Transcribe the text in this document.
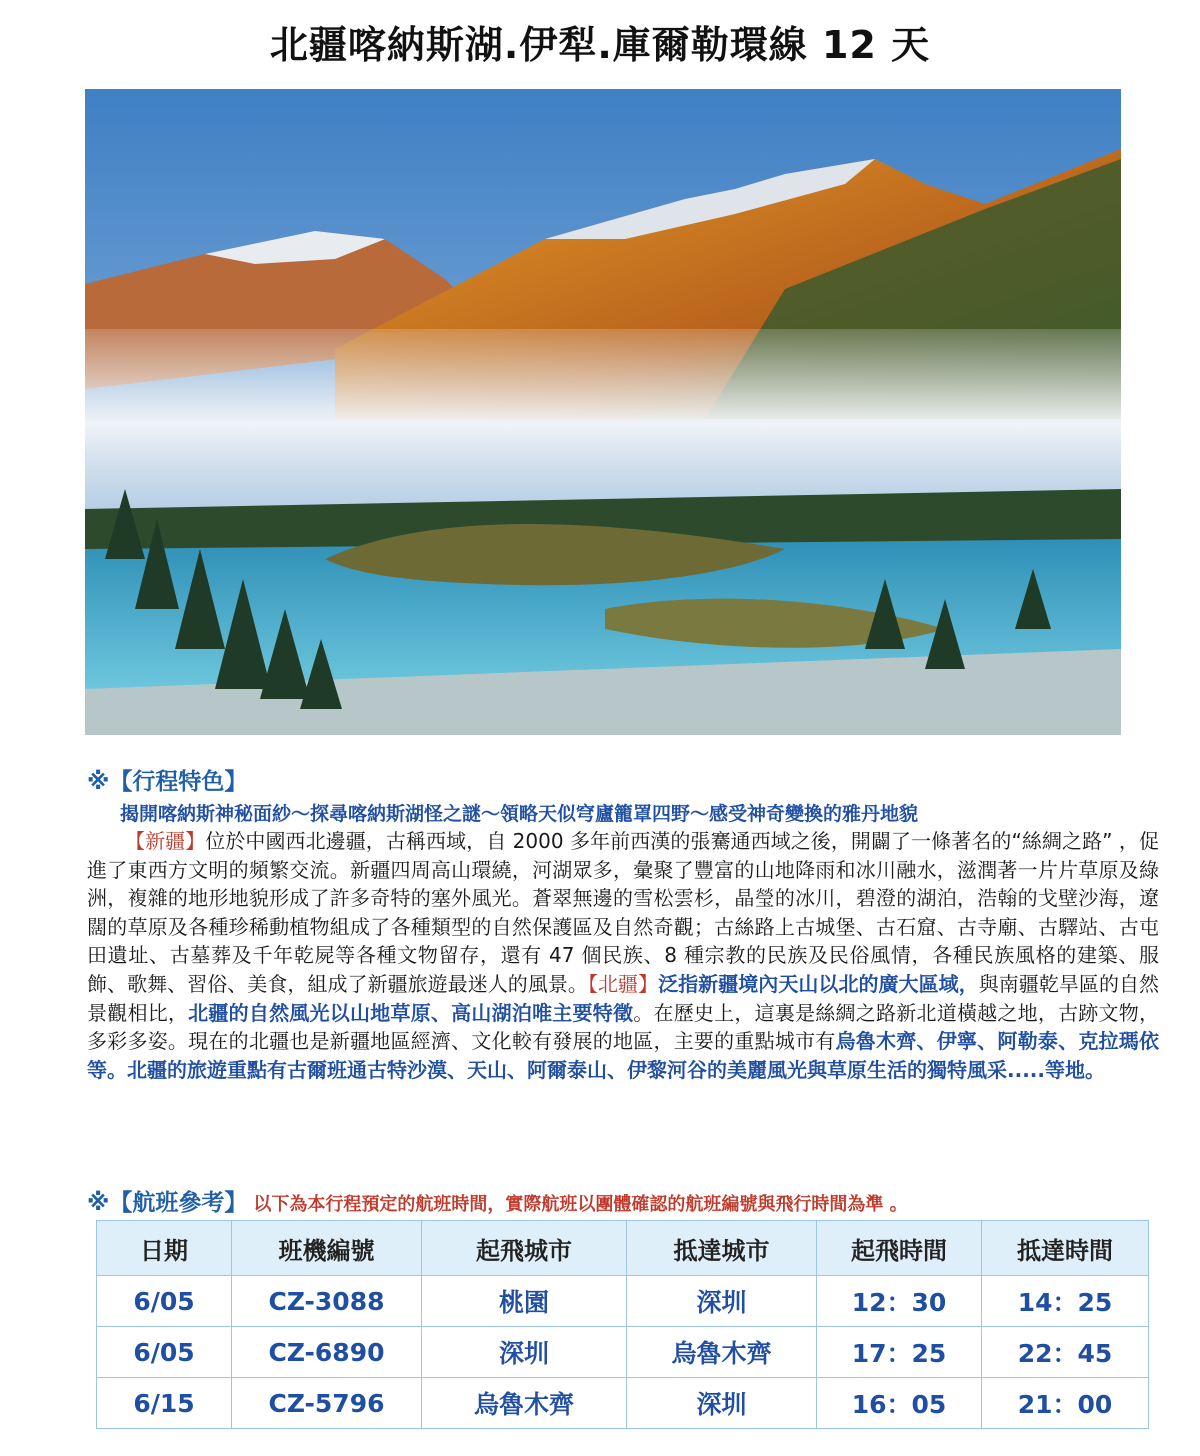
北疆喀納斯湖.伊犁.庫爾勒環線 12 天
※【行程特色】
揭開喀納斯神秘面紗～探尋喀納斯湖怪之謎～領略天似穹廬籠罩四野～感受神奇變換的雅丹地貌
【新疆】位於中國西北邊疆，古稱西域，自 2000 多年前西漢的張騫通西域之後，開闢了一條著名的“絲綢之路” ，促進了東西方文明的頻繁交流。新疆四周高山環繞，河湖眾多，彙聚了豐富的山地降雨和冰川融水，滋潤著一片片草原及綠洲，複雜的地形地貌形成了許多奇特的塞外風光。蒼翠無邊的雪松雲杉，晶瑩的冰川，碧澄的湖泊，浩翰的戈壁沙海，遼闊的草原及各種珍稀動植物組成了各種類型的自然保護區及自然奇觀；古絲路上古城堡、古石窟、古寺廟、古驛站、古屯田遺址、古墓葬及千年乾屍等各種文物留存，還有 47 個民族、8 種宗教的民族及民俗風情，各種民族風格的建築、服飾、歌舞、習俗、美食，組成了新疆旅遊最迷人的風景。【北疆】泛指新疆境內天山以北的廣大區域，與南疆乾旱區的自然景觀相比，北疆的自然風光以山地草原、高山湖泊唯主要特徵。在歷史上，這裏是絲綢之路新北道橫越之地，古跡文物，多彩多姿。現在的北疆也是新疆地區經濟、文化較有發展的地區，主要的重點城市有烏魯木齊、伊寧、阿勒泰、克拉瑪依等。北疆的旅遊重點有古爾班通古特沙漠、天山、阿爾泰山、伊黎河谷的美麗風光與草原生活的獨特風采.....等地。
※【航班參考】 以下為本行程預定的航班時間，實際航班以團體確認的航班編號與飛行時間為準 。
日期	班機編號	起飛城市	抵達城市	起飛時間	抵達時間
6/05	CZ-3088	桃園	深圳	12：30	14：25
6/05	CZ-6890	深圳	烏魯木齊	17：25	22：45
6/15	CZ-5796	烏魯木齊	深圳	16：05	21：00
